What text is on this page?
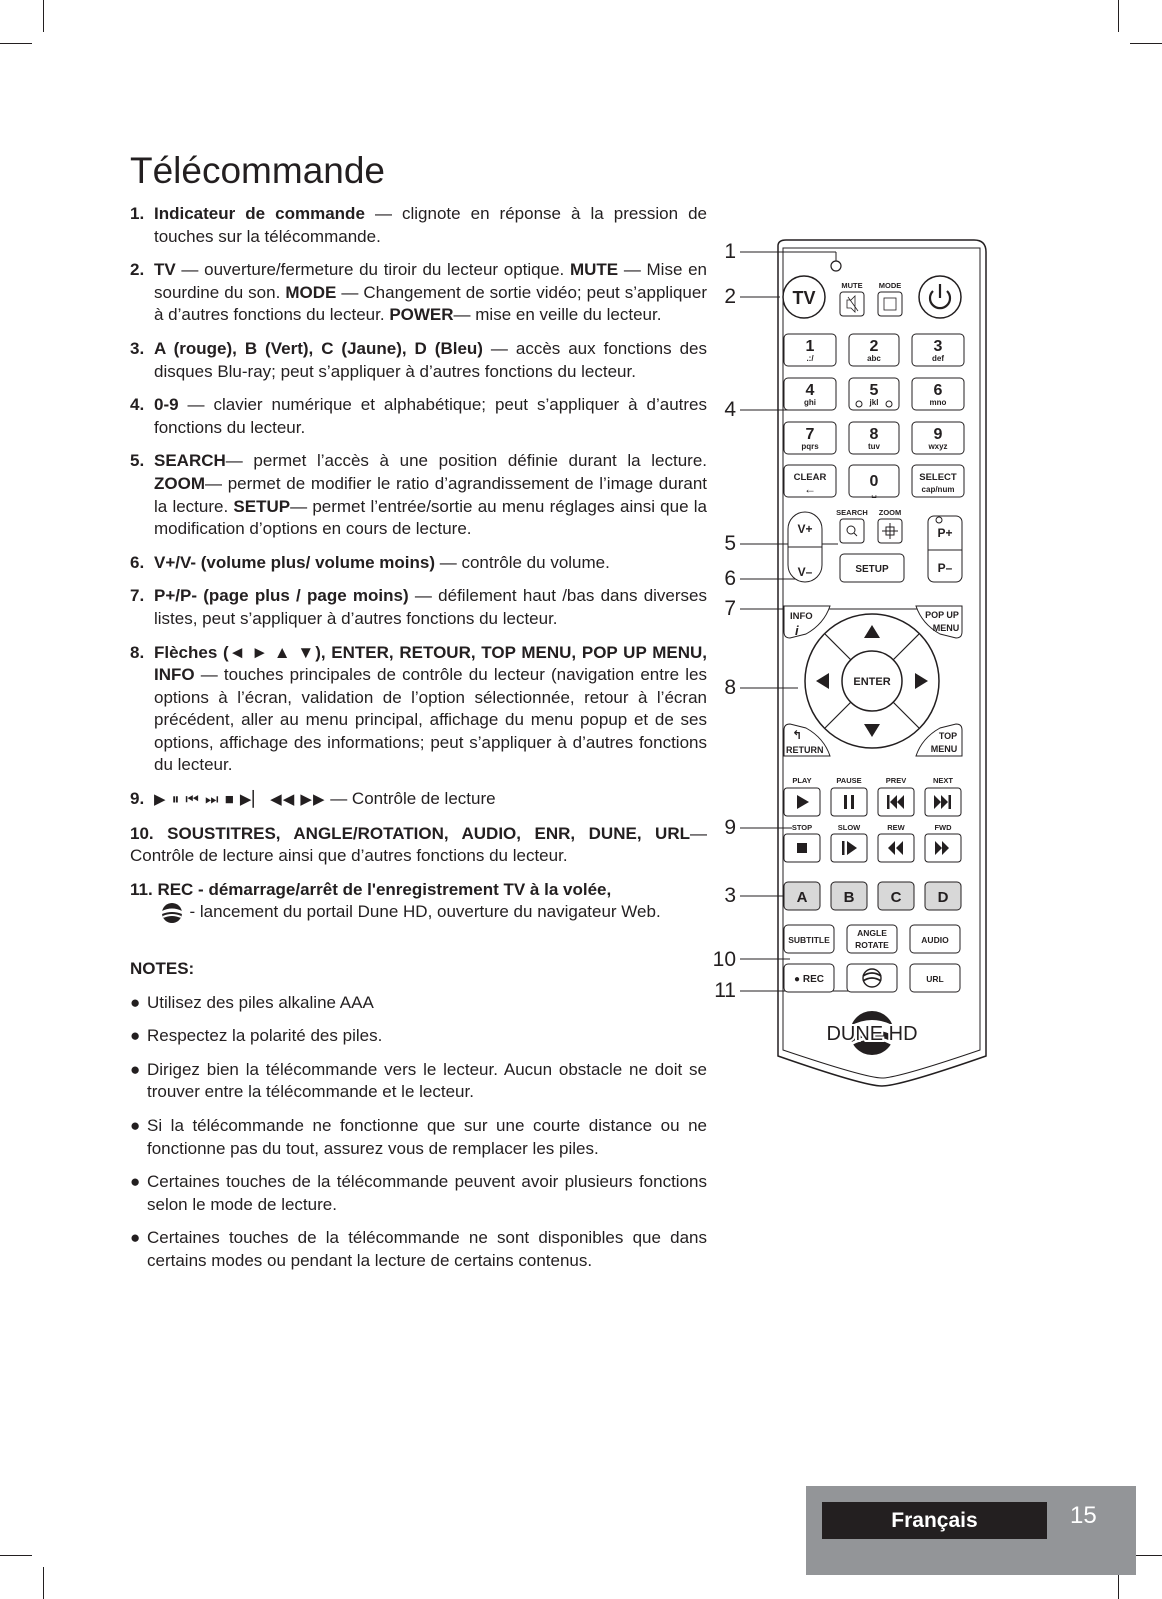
Télécommande
1. Indicateur de commande — clignote en réponse à la pression de touches sur la télécommande.
2. TV — ouverture/fermeture du tiroir du lecteur optique. MUTE — Mise en sourdine du son. MODE — Changement de sortie vidéo; peut s’appliquer à d’autres fonctions du lecteur. POWER— mise en veille du lecteur.
3. A (rouge), B (Vert), C (Jaune), D (Bleu) — accès aux fonctions des disques Blu-ray; peut s’appliquer à d’autres fonctions du lecteur.
4. 0-9 — clavier numérique et alphabétique; peut s’appliquer à d’autres fonctions du lecteur.
5. SEARCH— permet l’accès à une position définie durant la lecture. ZOOM— permet de modifier le ratio d’agrandissement de l’image durant la lecture. SETUP— permet l’entrée/sortie au menu réglages ainsi que la modification d’options en cours de lecture.
6. V+/V- (volume plus/ volume moins) — contrôle du volume.
7. P+/P- (page plus / page moins) — défilement haut /bas dans diverses listes, peut s’appliquer à d’autres fonctions du lecteur.
8. Flèches (◄ ► ▲ ▼), ENTER, RETOUR, TOP MENU, POP UP MENU, INFO — touches principales de contrôle du lecteur (navigation entre les options à l’écran, validation de l’option sélectionnée, retour à l’écran précédent, aller au menu principal, affichage du menu popup et de ses options, affichage des informations; peut s’appliquer à d’autres fonctions du lecteur.
9. ▶ ⏸ ⏮ ⏭ ■ ▶▏ ◀◀ ▶▶ — Contrôle de lecture
10. SOUSTITRES, ANGLE/ROTATION, AUDIO, ENR, DUNE, URL—Contrôle de lecture ainsi que d’autres fonctions du lecteur.
11. REC - démarrage/arrêt de l'enregistrement TV à la volée,
- lancement du portail Dune HD, ouverture du navigateur Web.
NOTES:
● Utilisez des piles alkaline AAA
● Respectez la polarité des piles.
● Dirigez bien la télécommande vers le lecteur. Aucun obstacle ne doit se trouver entre la télécommande et le lecteur.
● Si la télécommande ne fonctionne que sur une courte distance ou ne fonctionne pas du tout, assurez vous de remplacer les piles.
● Certaines touches de la télécommande peuvent avoir plusieurs fonctions selon le mode de lecture.
● Certaines touches de la télécommande ne sont disponibles que dans certains modes ou pendant la lecture de certains contenus.
1
2
4
5
6
7
8
9
3
10
11
TV
MUTE MODE
1
.:/
2
abc
3
def
4
ghi
5
jkl
6
mno
7
pqrs
8
tuv
9
wxyz
CLEAR
←	0
␣
SELECT
cap/num
V+
V–
P+
P–
SEARCH ZOOM
SETUP
INFO
i
POP UP
MENU
ENTER
↰
RETURN
TOP
MENU
PLAY	PAUSE	PREV	NEXT
STOP	SLOW	REW	FWD
A B C D
SUBTITLE
ANGLE
ROTATE	AUDIO
● REC	URL
DUNE HD
Français	15
